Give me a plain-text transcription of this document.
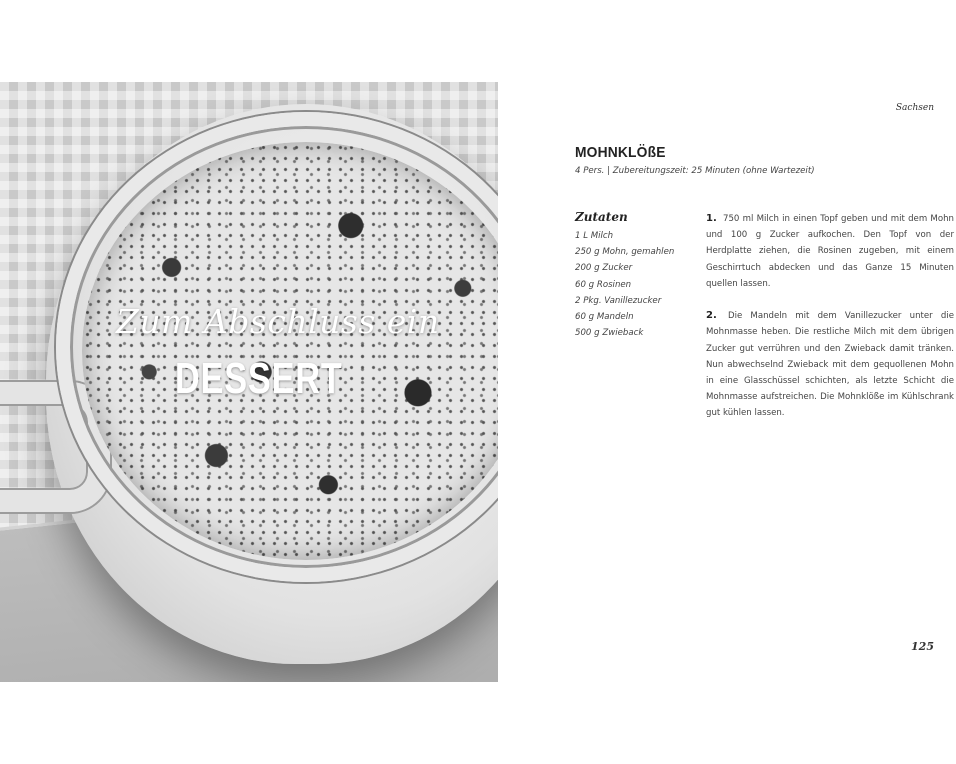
Zum Abschluss ein
DESSERT
Sachsen
MOHNKLÖßE
4 Pers. | Zubereitungszeit: 25 Minuten (ohne Wartezeit)
Zutaten
1 L Milch
250 g Mohn, gemahlen
200 g Zucker
60 g Rosinen
2 Pkg. Vanillezucker
60 g Mandeln
500 g Zwieback

1. 750 ml Milch in einen Topf geben und mit dem Mohn und 100 g Zucker aufkochen. Den Topf von der Herdplatte ziehen, die Rosinen zugeben, mit einem Geschirrtuch abdecken und das Ganze 15 Minuten quellen lassen.

2. Die Mandeln mit dem Vanillezucker unter die Mohnmasse heben. Die restliche Milch mit dem übrigen Zucker gut verrühren und den Zwieback damit tränken. Nun abwechselnd Zwieback mit dem gequollenen Mohn in eine Glasschüssel schichten, als letzte Schicht die Mohnmasse aufstreichen. Die Mohnklöße im Kühlschrank gut kühlen lassen.

125
